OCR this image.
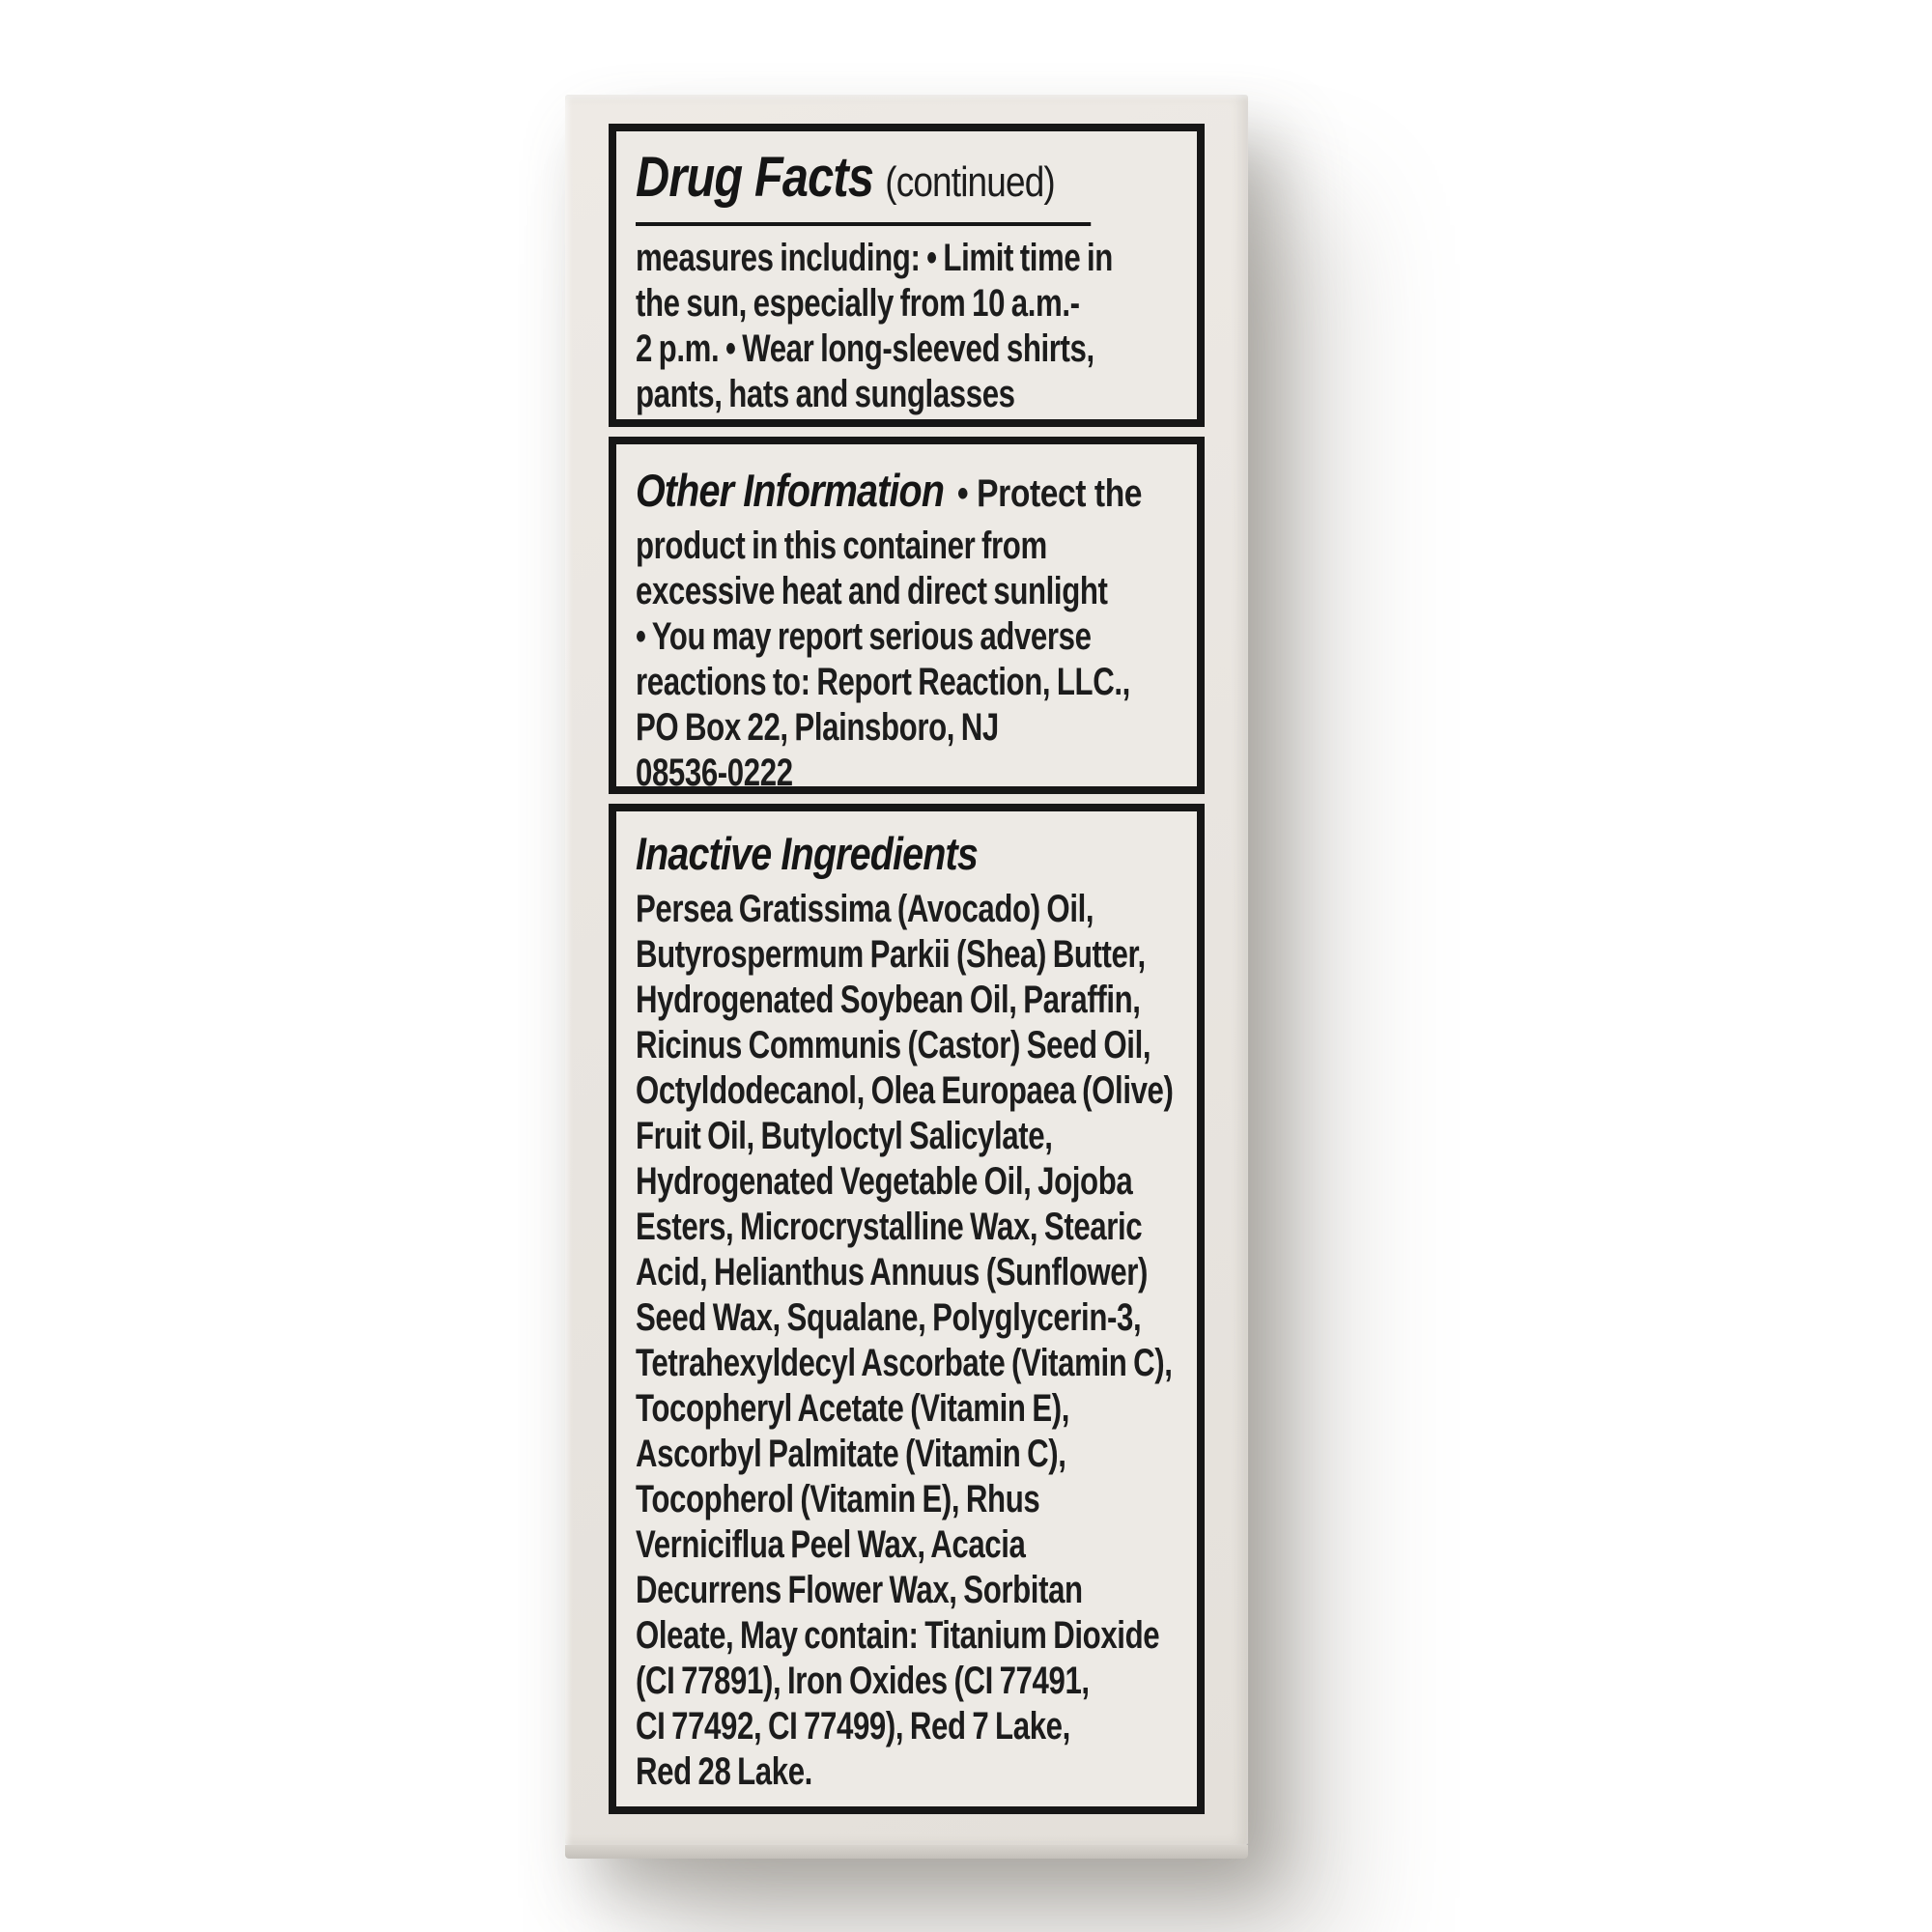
Drug Facts (continued)
measures including: • Limit time in
the sun, especially from 10 a.m.-
2 p.m. • Wear long-sleeved shirts,
pants, hats and sunglasses
Other Information • Protect the
product in this container from
excessive heat and direct sunlight
• You may report serious adverse
reactions to: Report Reaction, LLC.,
PO Box 22, Plainsboro, NJ
08536-0222
Inactive Ingredients
Persea Gratissima (Avocado) Oil,
Butyrospermum Parkii (Shea) Butter,
Hydrogenated Soybean Oil, Paraffin,
Ricinus Communis (Castor) Seed Oil,
Octyldodecanol, Olea Europaea (Olive)
Fruit Oil, Butyloctyl Salicylate,
Hydrogenated Vegetable Oil, Jojoba
Esters, Microcrystalline Wax, Stearic
Acid, Helianthus Annuus (Sunflower)
Seed Wax, Squalane, Polyglycerin-3,
Tetrahexyldecyl Ascorbate (Vitamin C),
Tocopheryl Acetate (Vitamin E),
Ascorbyl Palmitate (Vitamin C),
Tocopherol (Vitamin E), Rhus
Verniciflua Peel Wax, Acacia
Decurrens Flower Wax, Sorbitan
Oleate, May contain: Titanium Dioxide
(CI 77891), Iron Oxides (CI 77491,
CI 77492, CI 77499), Red 7 Lake,
Red 28 Lake.
